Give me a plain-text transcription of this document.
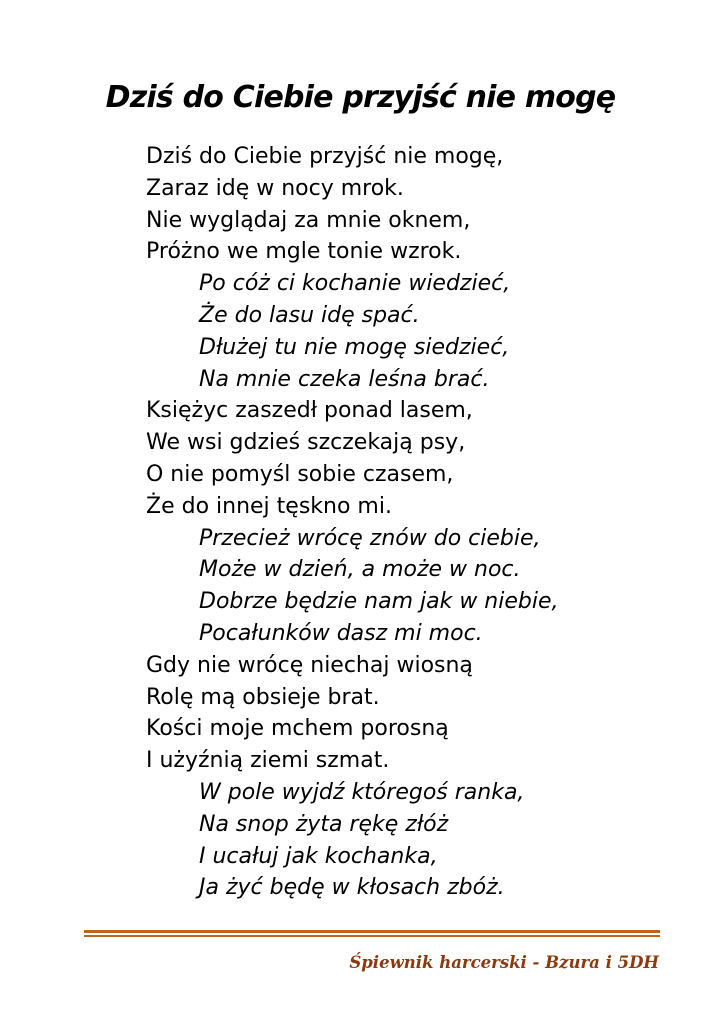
Dziś do Ciebie przyjść nie mogę
Dziś do Ciebie przyjść nie mogę,
Zaraz idę w nocy mrok.
Nie wyglądaj za mnie oknem,
Próżno we mgle tonie wzrok.
Po cóż ci kochanie wiedzieć,
Że do lasu idę spać.
Dłużej tu nie mogę siedzieć,
Na mnie czeka leśna brać.
Księżyc zaszedł ponad lasem,
We wsi gdzieś szczekają psy,
O nie pomyśl sobie czasem,
Że do innej tęskno mi.
Przecież wrócę znów do ciebie,
Może w dzień, a może w noc.
Dobrze będzie nam jak w niebie,
Pocałunków dasz mi moc.
Gdy nie wrócę niechaj wiosną
Rolę mą obsieje brat.
Kości moje mchem porosną
I użyźnią ziemi szmat.
W pole wyjdź któregoś ranka,
Na snop żyta rękę złóż
I ucałuj jak kochanka,
Ja żyć będę w kłosach zbóż.
Śpiewnik harcerski - Bzura i 5DH
